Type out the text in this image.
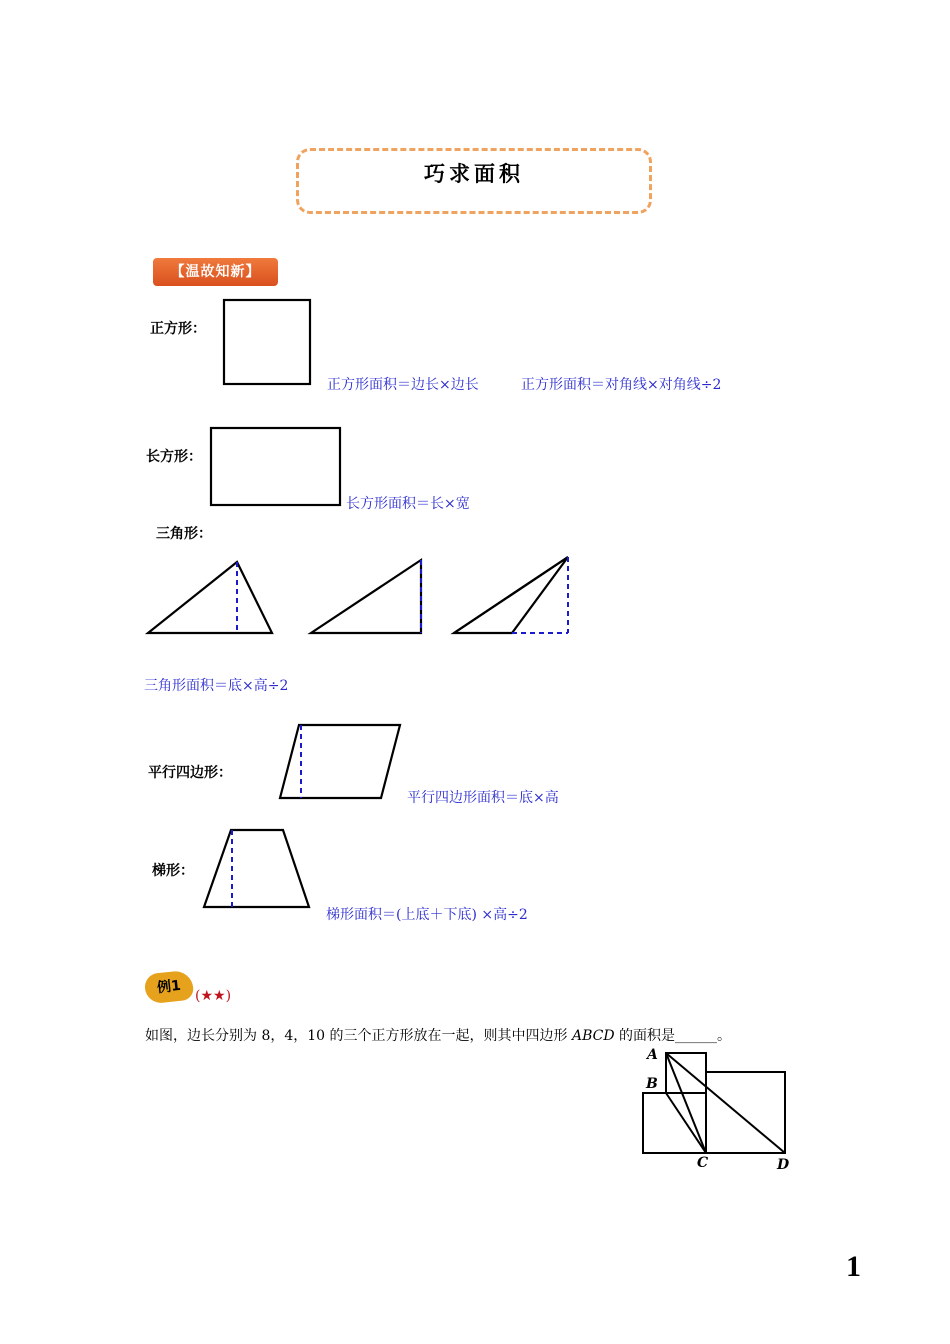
巧求面积
【温故知新】
正方形：
长方形：
三角形：
平行四边形：
梯形：
正方形面积＝边长×边长	正方形面积＝对角线×对角线÷2
长方形面积＝长×宽
三角形面积＝底×高÷2
平行四边形面积＝底×高
梯形面积＝(上底＋下底) ×高÷2
A
B
C	D
例1 (★★)
如图，边长分别为 8，4，10 的三个正方形放在一起，则其中四边形 ABCD 的面积是______。
1
